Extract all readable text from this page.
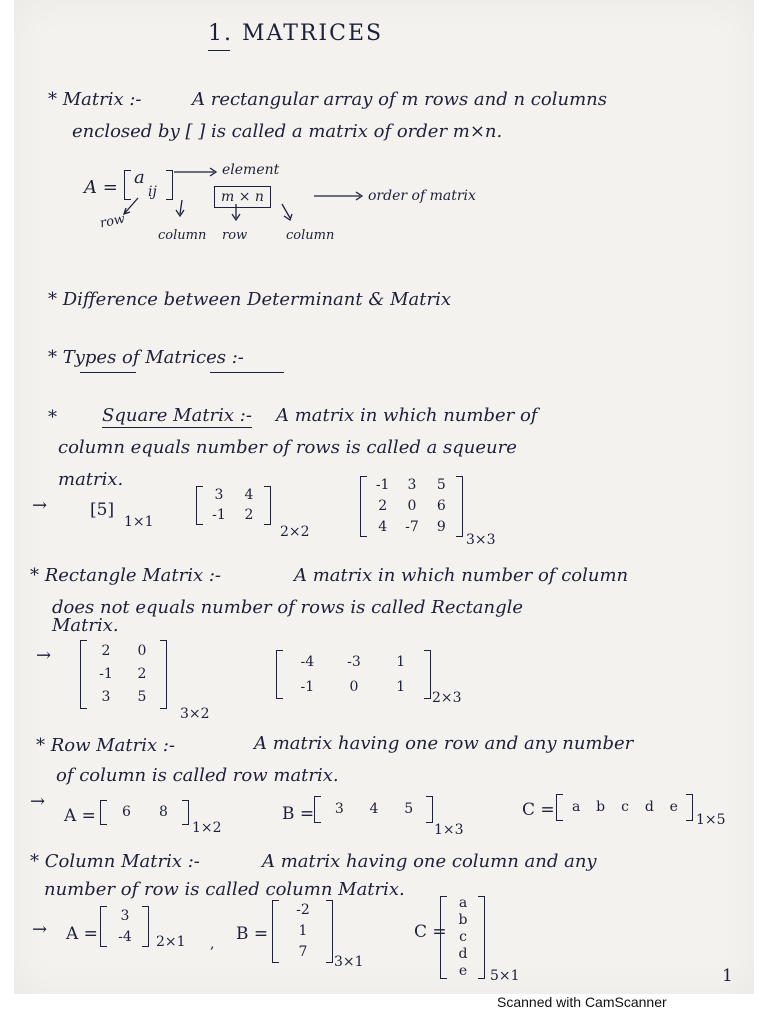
1. MATRICES
* Matrix :-	A rectangular array of m rows and n columns
enclosed by [ ] is called a matrix of order m×n.
A = a
ij	m × n
element
order of matrix
row
column row	column
* Difference between Determinant & Matrix
* Types of Matrices :-
*	Square Matrix :- A matrix in which number of
column equals number of rows is called a squeure
matrix.
→	[5]
1×1
3	4
-1	2
2×2
-1	3	5
2	0	6
4	-7	9
3×3
* Rectangle Matrix :-	A matrix in which number of column
does not equals number of rows is called Rectangle
Matrix.
→	2	0
-1	2
3	5
3×2
-4 -3	1
-1	0	1
2×3
* Row Matrix :-	A matrix having one row and any number
of column is called row matrix.
→
A =	6	8
1×2
B =	3	4	5
1×3
C =	a	b	c	d	e
1×5
* Column Matrix :-	A matrix having one column and any
number of row is called column Matrix.
→ A =
3
-4 2×1 , B =
-2
1
7
3×1
C =
a
b
c
d
e	5×1	1
Scanned with CamScanner
